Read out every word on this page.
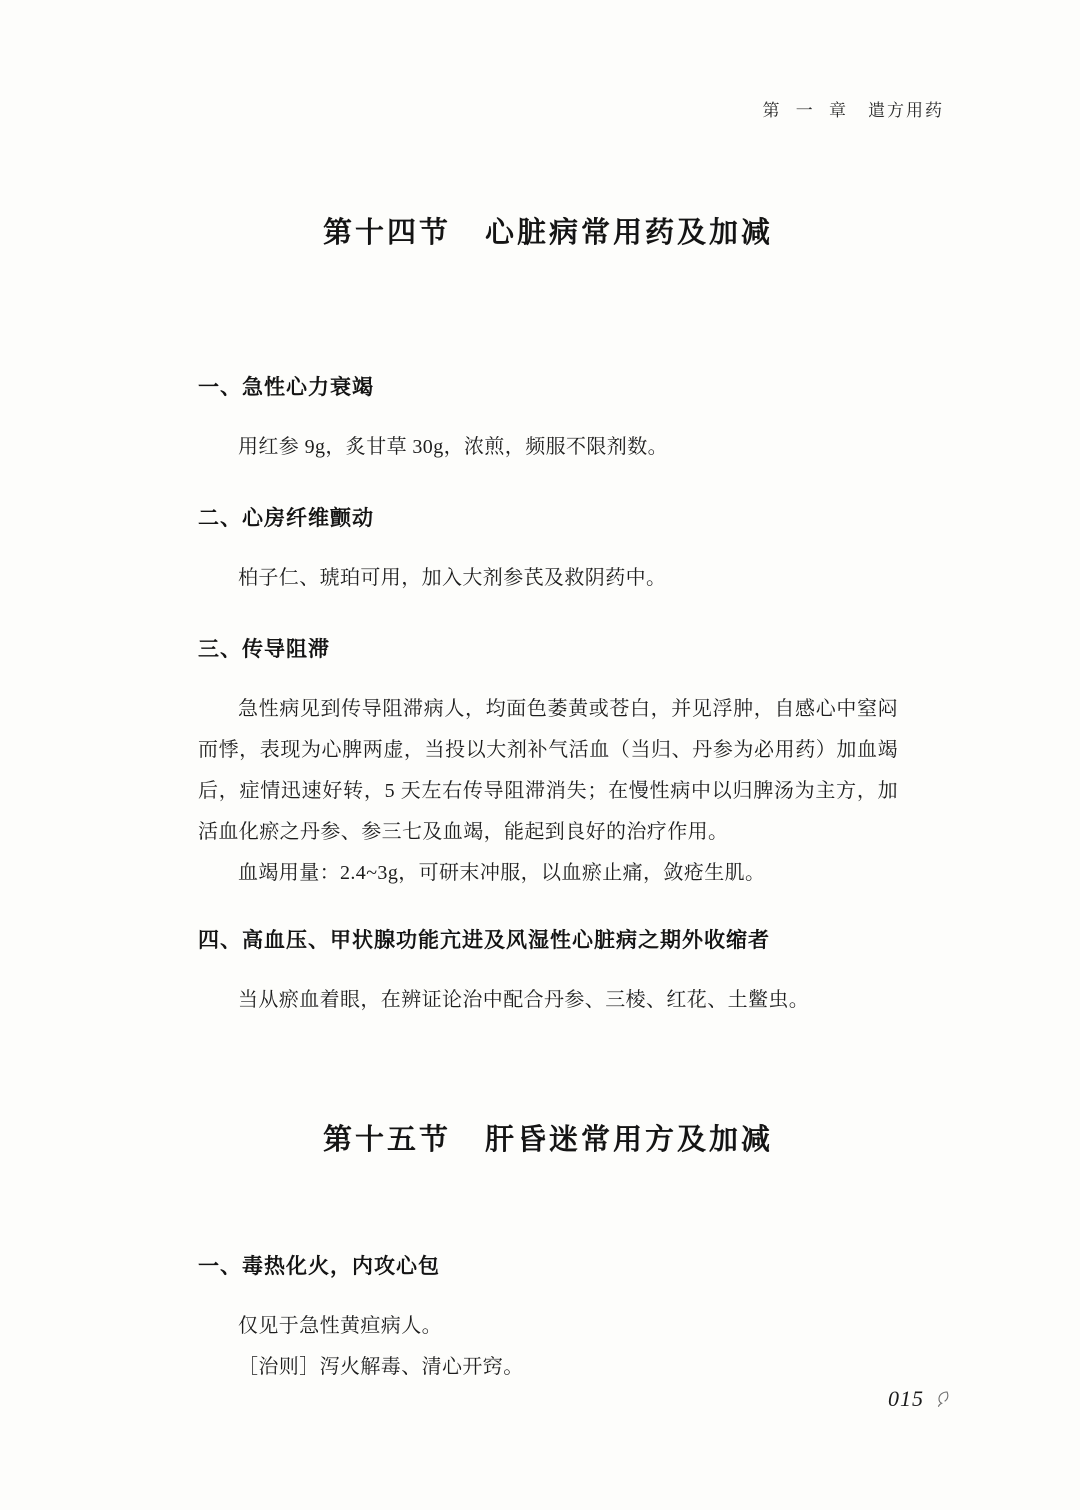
第 一 章 遣方用药
第十四节 心脏病常用药及加减
一、急性心力衰竭

用红参 9g，炙甘草 30g，浓煎，频服不限剂数。

二、心房纤维颤动

柏子仁、琥珀可用，加入大剂参芪及救阴药中。

三、传导阻滞

急性病见到传导阻滞病人，均面色萎黄或苍白，并见浮肿，自感心中窒闷而悸，表现为心脾两虚，当投以大剂补气活血（当归、丹参为必用药）加血竭后，症情迅速好转，5 天左右传导阻滞消失；在慢性病中以归脾汤为主方，加活血化瘀之丹参、参三七及血竭，能起到良好的治疗作用。

血竭用量：2.4~3g，可研末冲服，以血瘀止痛，敛疮生肌。

四、高血压、甲状腺功能亢进及风湿性心脏病之期外收缩者

当从瘀血着眼，在辨证论治中配合丹参、三棱、红花、土鳖虫。

第十五节 肝昏迷常用方及加减
一、毒热化火，内攻心包

仅见于急性黄疸病人。

［治则］泻火解毒、清心开窍。

015
